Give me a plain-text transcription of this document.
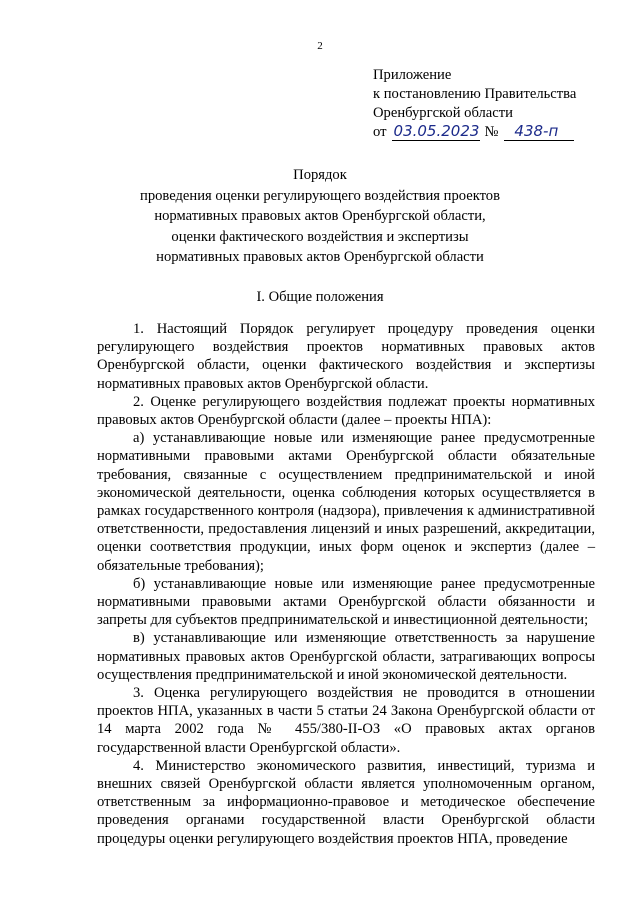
2
Приложение
к постановлению Правительства
Оренбургской области
от 03.05.2023 №	438-п
Порядок
проведения оценки регулирующего воздействия проектов
нормативных правовых актов Оренбургской области,
оценки фактического воздействия и экспертизы
нормативных правовых актов Оренбургской области
I. Общие положения

1. Настоящий Порядок регулирует процедуру проведения оценки регулирующего воздействия проектов нормативных правовых актов Оренбургской области, оценки фактического воздействия и экспертизы нормативных правовых актов Оренбургской области.

2. Оценке регулирующего воздействия подлежат проекты нормативных правовых актов Оренбургской области (далее – проекты НПА):

а) устанавливающие новые или изменяющие ранее предусмотренные нормативными правовыми актами Оренбургской области обязательные требования, связанные с осуществлением предпринимательской и иной экономической деятельности, оценка соблюдения которых осуществляется в рамках государственного контроля (надзора), привлечения к административной ответственности, предоставления лицензий и иных разрешений, аккредитации, оценки соответствия продукции, иных форм оценок и экспертиз (далее – обязательные требования);

б) устанавливающие новые или изменяющие ранее предусмотренные нормативными правовыми актами Оренбургской области обязанности и запреты для субъектов предпринимательской и инвестиционной деятельности;

в) устанавливающие или изменяющие ответственность за нарушение нормативных правовых актов Оренбургской области, затрагивающих вопросы осуществления предпринимательской и иной экономической деятельности.

3. Оценка регулирующего воздействия не проводится в отношении проектов НПА, указанных в части 5 статьи 24 Закона Оренбургской области от 14 марта 2002 года № 455/380-II-ОЗ «О правовых актах органов государственной власти Оренбургской области».

4. Министерство экономического развития, инвестиций, туризма и внешних связей Оренбургской области является уполномоченным органом, ответственным за информационно-правовое и методическое обеспечение проведения органами государственной власти Оренбургской области процедуры оценки регулирующего воздействия проектов НПА, проведение
